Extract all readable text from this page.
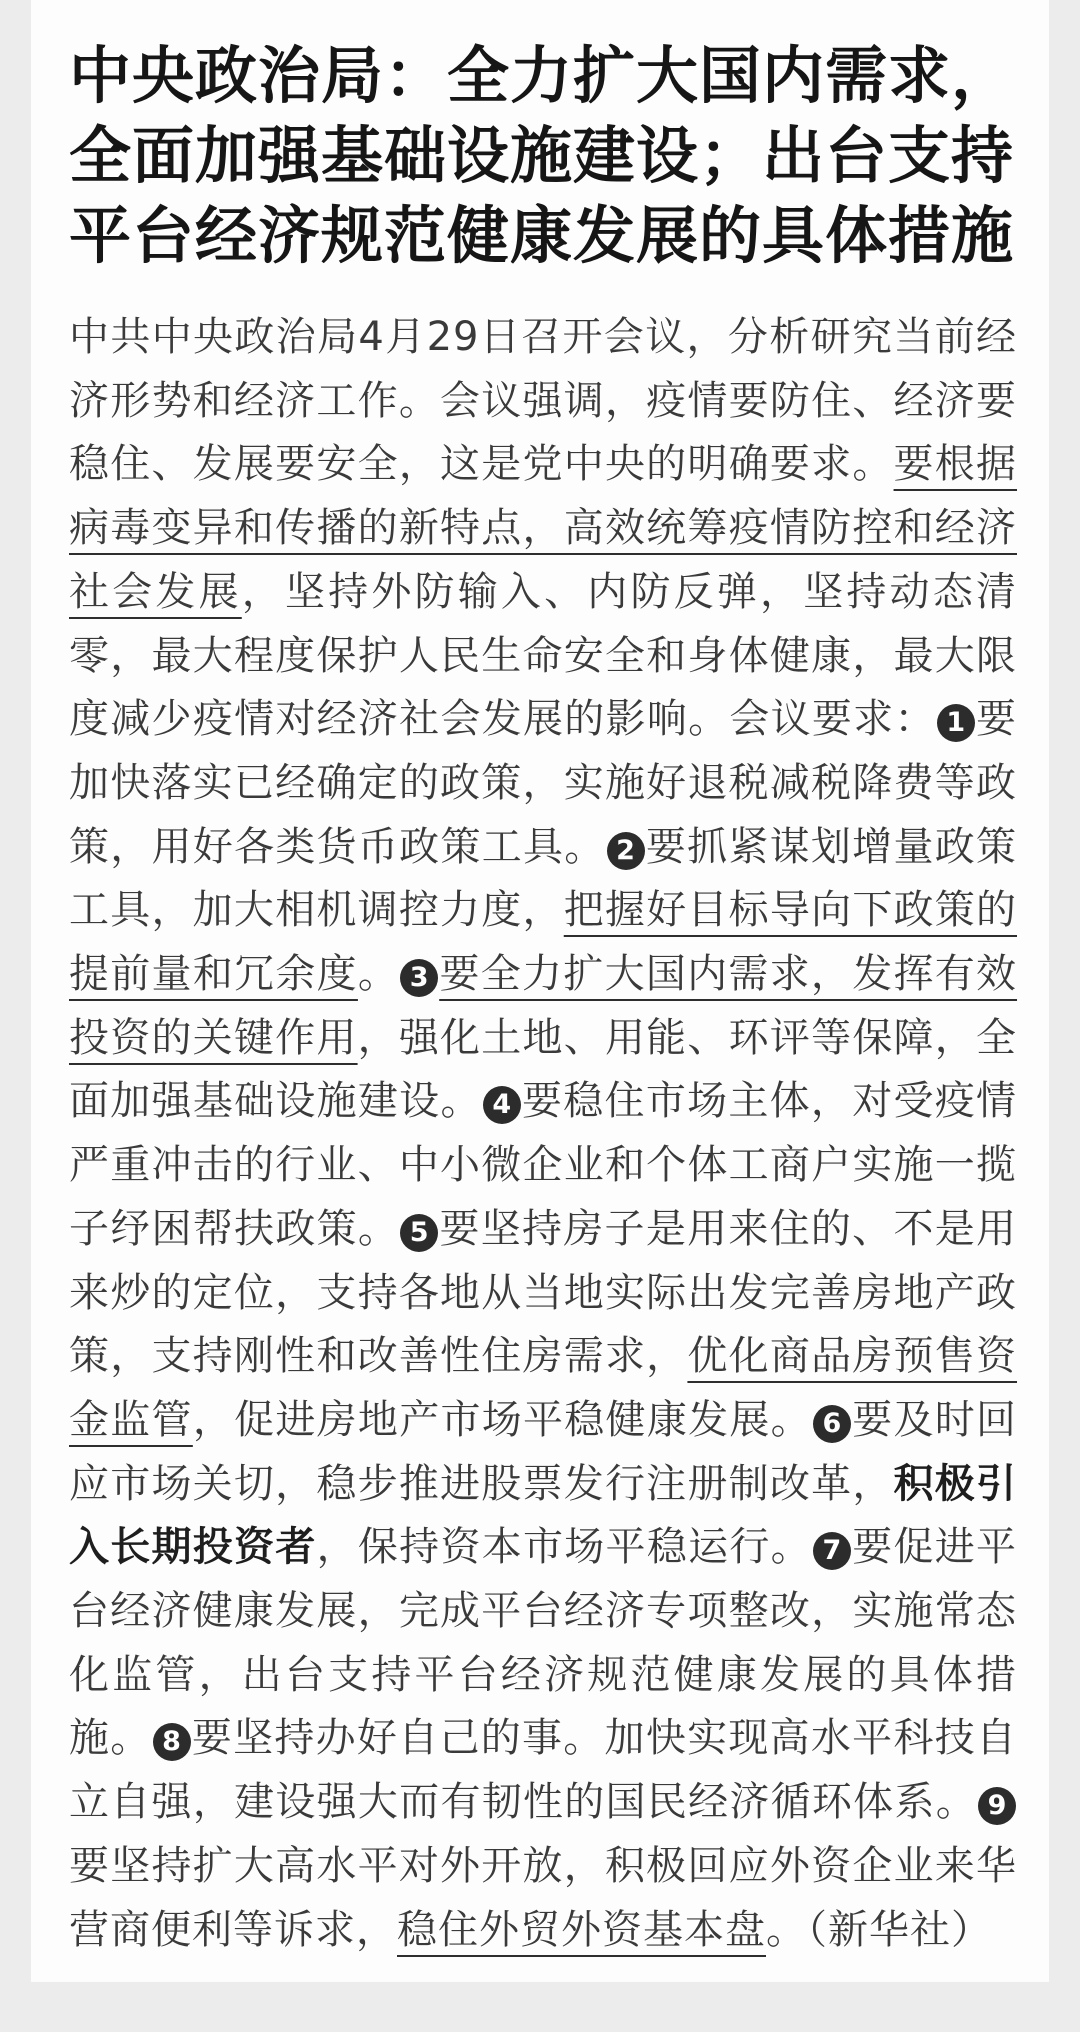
中央政治局：全力扩大国内需求，全面加强基础设施建设；出台支持平台经济规范健康发展的具体措施

中共中央政治局4月29日召开会议，分析研究当前经济形势和经济工作。会议强调，疫情要防住、经济要稳住、发展要安全，这是党中央的明确要求。要根据病毒变异和传播的新特点，高效统筹疫情防控和经济社会发展，坚持外防输入、内防反弹，坚持动态清零，最大程度保护人民生命安全和身体健康，最大限度减少疫情对经济社会发展的影响。会议要求： 1 要加快落实已经确定的政策，实施好退税减税降费等政策，用好各类货币政策工具。 2 要抓紧谋划增量政策工具，加大相机调控力度，把握好目标导向下政策的提前量和冗余度。 3 要全力扩大国内需求，发挥有效投资的关键作用，强化土地、用能、环评等保障，全面加强基础设施建设。 4 要稳住市场主体，对受疫情严重冲击的行业、中小微企业和个体工商户实施一揽子纾困帮扶政策。 5 要坚持房子是用来住的、不是用来炒的定位，支持各地从当地实际出发完善房地产政策，支持刚性和改善性住房需求，优化商品房预售资金监管，促进房地产市场平稳健康发展。 6 要及时回应市场关切，稳步推进股票发行注册制改革，积极引入长期投资者，保持资本市场平稳运行。 7 要促进平台经济健康发展，完成平台经济专项整改，实施常态化监管，出台支持平台经济规范健康发展的具体措施。 8 要坚持办好自己的事。加快实现高水平科技自立自强，建设强大而有韧性的国民经济循环体系。 9要坚持扩大高水平对外开放，积极回应外资企业来华营商便利等诉求，稳住外贸外资基本盘。（新华社）
